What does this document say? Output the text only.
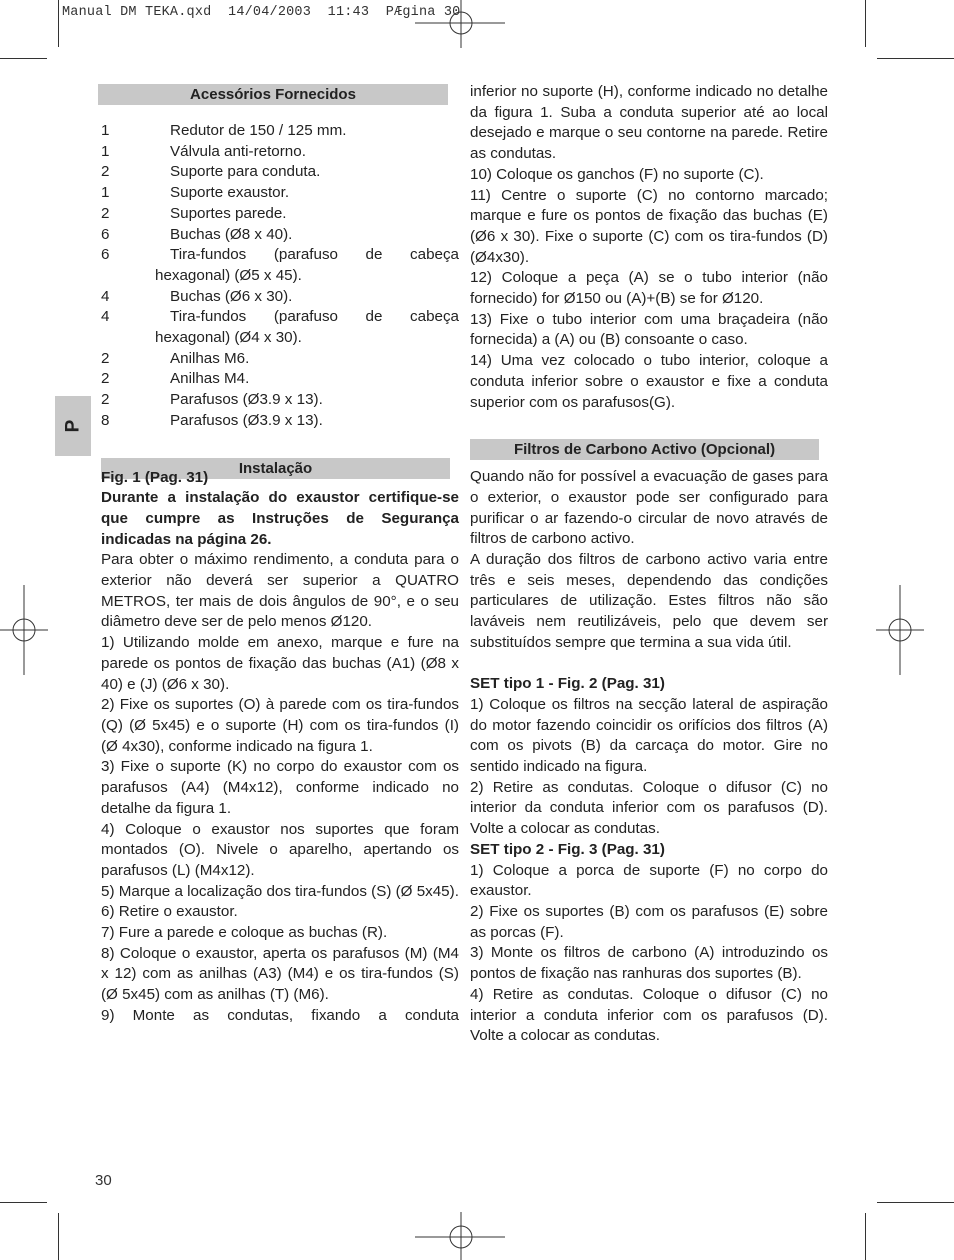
Manual DM TEKA.qxd  14/04/2003  11:43  PÆgina 30
Acessórios Fornecidos
Instalação
Filtros de Carbono Activo (Opcional)
P
1	Redutor de 150 / 125 mm.
1	Válvula anti-retorno.
2	Suporte para conduta.
1	Suporte exaustor.
2	Suportes parede.
6	Buchas (Ø8 x 40).
6	Tira-fundos (parafuso de cabeça
hexagonal) (Ø5 x 45).
4	Buchas (Ø6 x 30).
4	Tira-fundos (parafuso de cabeça
hexagonal) (Ø4 x 30).
2	Anilhas M6.
2	Anilhas M4.
2	Parafusos (Ø3.9 x 13).
8	Parafusos (Ø3.9 x 13).
Fig. 1 (Pag. 31)

Durante a instalação do exaustor certifique-se que cumpre as Instruções de Segurança indicadas na página 26.

Para obter o máximo rendimento, a conduta para o exterior não deverá ser superior a QUATRO METROS, ter mais de dois ângulos de 90°, e o seu diâmetro deve ser de pelo menos Ø120.

1) Utilizando molde em anexo, marque e fure na parede os pontos de fixação das buchas (A1) (Ø8 x 40) e (J) (Ø6 x 30).

2) Fixe os suportes (O) à parede com os tira-fundos (Q) (Ø 5x45) e o suporte (H) com os tira-fundos (I) (Ø 4x30), conforme indicado na figura 1.

3) Fixe o suporte (K) no corpo do exaustor com os parafusos (A4) (M4x12), conforme indicado no detalhe da figura 1.

4) Coloque o exaustor nos suportes que foram montados (O). Nivele o aparelho, apertando os parafusos (L) (M4x12).

5) Marque a localização dos tira-fundos (S) (Ø 5x45).

6) Retire o exaustor.

7) Fure a parede e coloque as buchas (R).

8) Coloque o exaustor, aperta os parafusos (M) (M4 x 12) com as anilhas (A3) (M4) e os tira-fundos (S) (Ø 5x45) com as anilhas (T) (M6).

9) Monte as condutas, fixando a conduta

inferior no suporte (H), conforme indicado no detalhe da figura 1. Suba a conduta superior até ao local desejado e marque o seu contorne na parede. Retire as condutas.

10) Coloque os ganchos (F) no suporte (C).

11) Centre o suporte (C) no contorno marcado; marque e fure os pontos de fixação das buchas (E) (Ø6 x 30). Fixe o suporte (C) com os tira-fundos (D) (Ø4x30).

12) Coloque a peça (A) se o tubo interior (não fornecido) for Ø150 ou (A)+(B) se for Ø120.

13) Fixe o tubo interior com uma braçadeira (não fornecida) a (A) ou (B) consoante o caso.

14) Uma vez colocado o tubo interior, coloque a conduta inferior sobre o exaustor e fixe a conduta superior com os parafusos(G).

Quando não for possível a evacuação de gases para o exterior, o exaustor pode ser configurado para purificar o ar fazendo-o circular de novo através de filtros de carbono activo.

A duração dos filtros de carbono activo varia entre três e seis meses, dependendo das condições particulares de utilização. Estes filtros não são laváveis nem reutilizáveis, pelo que devem ser substituídos sempre que termina a sua vida útil.

SET tipo 1 - Fig. 2 (Pag. 31)

1) Coloque os filtros na secção lateral de aspiração do motor fazendo coincidir os orifícios dos filtros (A) com os pivots (B) da carcaça do motor. Gire no sentido indicado na figura.

2) Retire as condutas. Coloque o difusor (C) no interior da conduta inferior com os parafusos (D). Volte a colocar as condutas.

SET tipo 2 - Fig. 3 (Pag. 31)

1) Coloque a porca de suporte (F) no corpo do exaustor.

2) Fixe os suportes (B) com os parafusos (E) sobre as porcas (F).

3) Monte os filtros de carbono (A) introduzindo os pontos de fixação nas ranhuras dos suportes (B).

4) Retire as condutas. Coloque o difusor (C) no interior a conduta inferior com os parafusos (D). Volte a colocar as condutas.

30
